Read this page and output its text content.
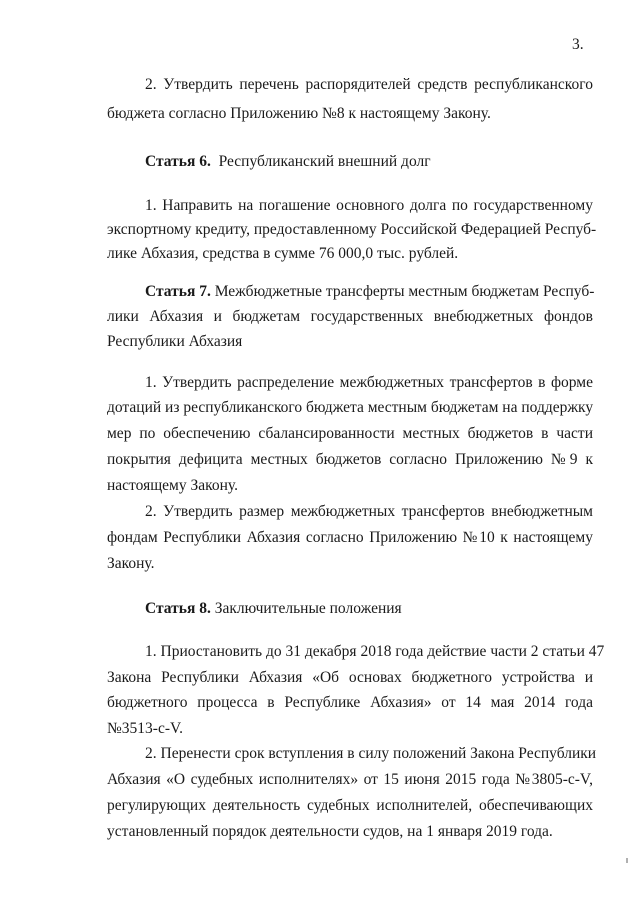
3.
2. Утвердить перечень распорядителей средств республиканского
бюджета согласно Приложению №8 к настоящему Закону.
Статья 6. Республиканский внешний долг
1. Направить на погашение основного долга по государственному
экспортному кредиту, предоставленному Российской Федерацией Респуб-
лике Абхазия, средства в сумме 76 000,0 тыс. рублей.
Статья 7. Межбюджетные трансферты местным бюджетам Респуб-
лики Абхазия и бюджетам государственных внебюджетных фондов
Республики Абхазия
1. Утвердить распределение межбюджетных трансфертов в форме
дотаций из республиканского бюджета местным бюджетам на поддержку
мер по обеспечению сбалансированности местных бюджетов в части
покрытия дефицита местных бюджетов согласно Приложению №9 к
настоящему Закону.
2. Утвердить размер межбюджетных трансфертов внебюджетным
фондам Республики Абхазия согласно Приложению №10 к настоящему
Закону.
Статья 8. Заключительные положения
1. Приостановить до 31 декабря 2018 года действие части 2 статьи 47
Закона Республики Абхазия «Об основах бюджетного устройства и
бюджетного процесса в Республике Абхазия» от 14 мая 2014 года
№3513-с-V.
2. Перенести срок вступления в силу положений Закона Республики
Абхазия «О судебных исполнителях» от 15 июня 2015 года №3805-с-V,
регулирующих деятельность судебных исполнителей, обеспечивающих
установленный порядок деятельности судов, на 1 января 2019 года.
